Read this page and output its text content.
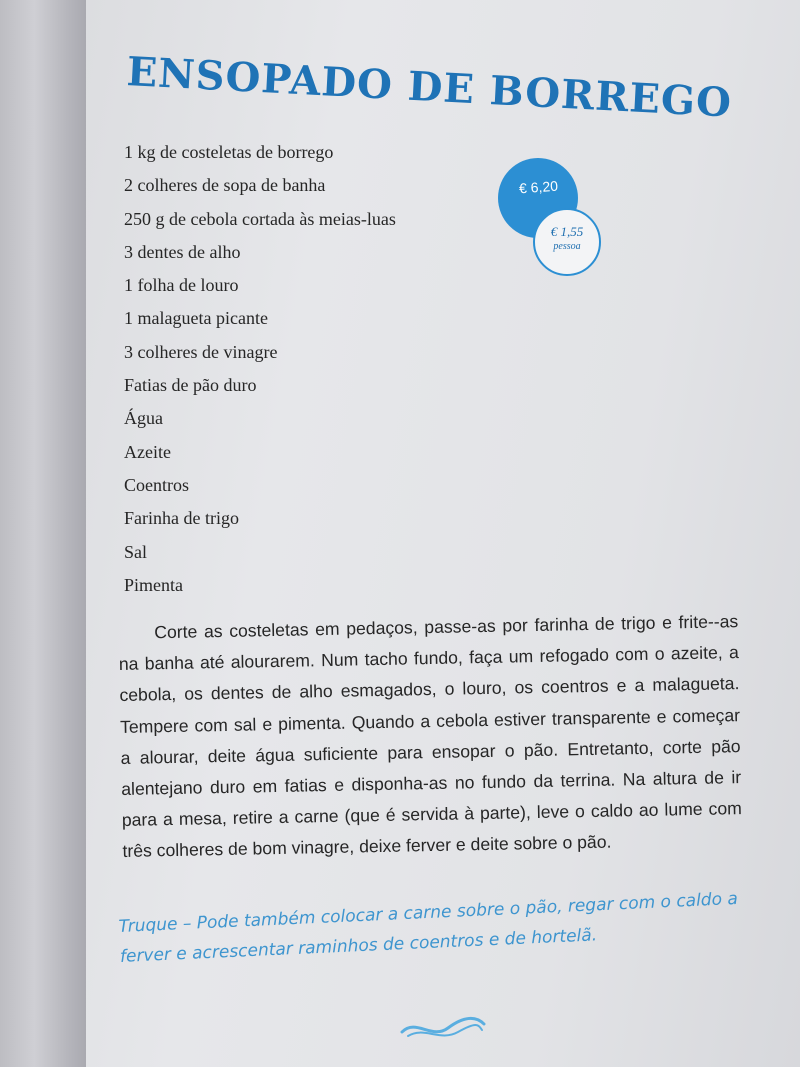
ENSOPADO DE BORREGO
1 kg de costeletas de borrego
2 colheres de sopa de banha
250 g de cebola cortada às meias-luas
3 dentes de alho
1 folha de louro
1 malagueta picante
3 colheres de vinagre
Fatias de pão duro
Água
Azeite
Coentros
Farinha de trigo
Sal
Pimenta
€ 6,20
€ 1,55
pessoa

Corte as costeletas em pedaços, passe-as por farinha de trigo e frite--as na banha até alourarem. Num tacho fundo, faça um refogado com o azeite, a cebola, os dentes de alho esmagados, o louro, os coentros e a malagueta. Tempere com sal e pimenta. Quando a cebola estiver transparente e começar a alourar, deite água suficiente para ensopar o pão. Entretanto, corte pão alentejano duro em fatias e disponha-as no fundo da terrina. Na altura de ir para a mesa, retire a carne (que é servida à parte), leve o caldo ao lume com três colheres de bom vinagre, deixe ferver e deite sobre o pão.

Truque – Pode também colocar a carne sobre o pão, regar com o caldo a ferver e acrescentar raminhos de coentros e de hortelã.
